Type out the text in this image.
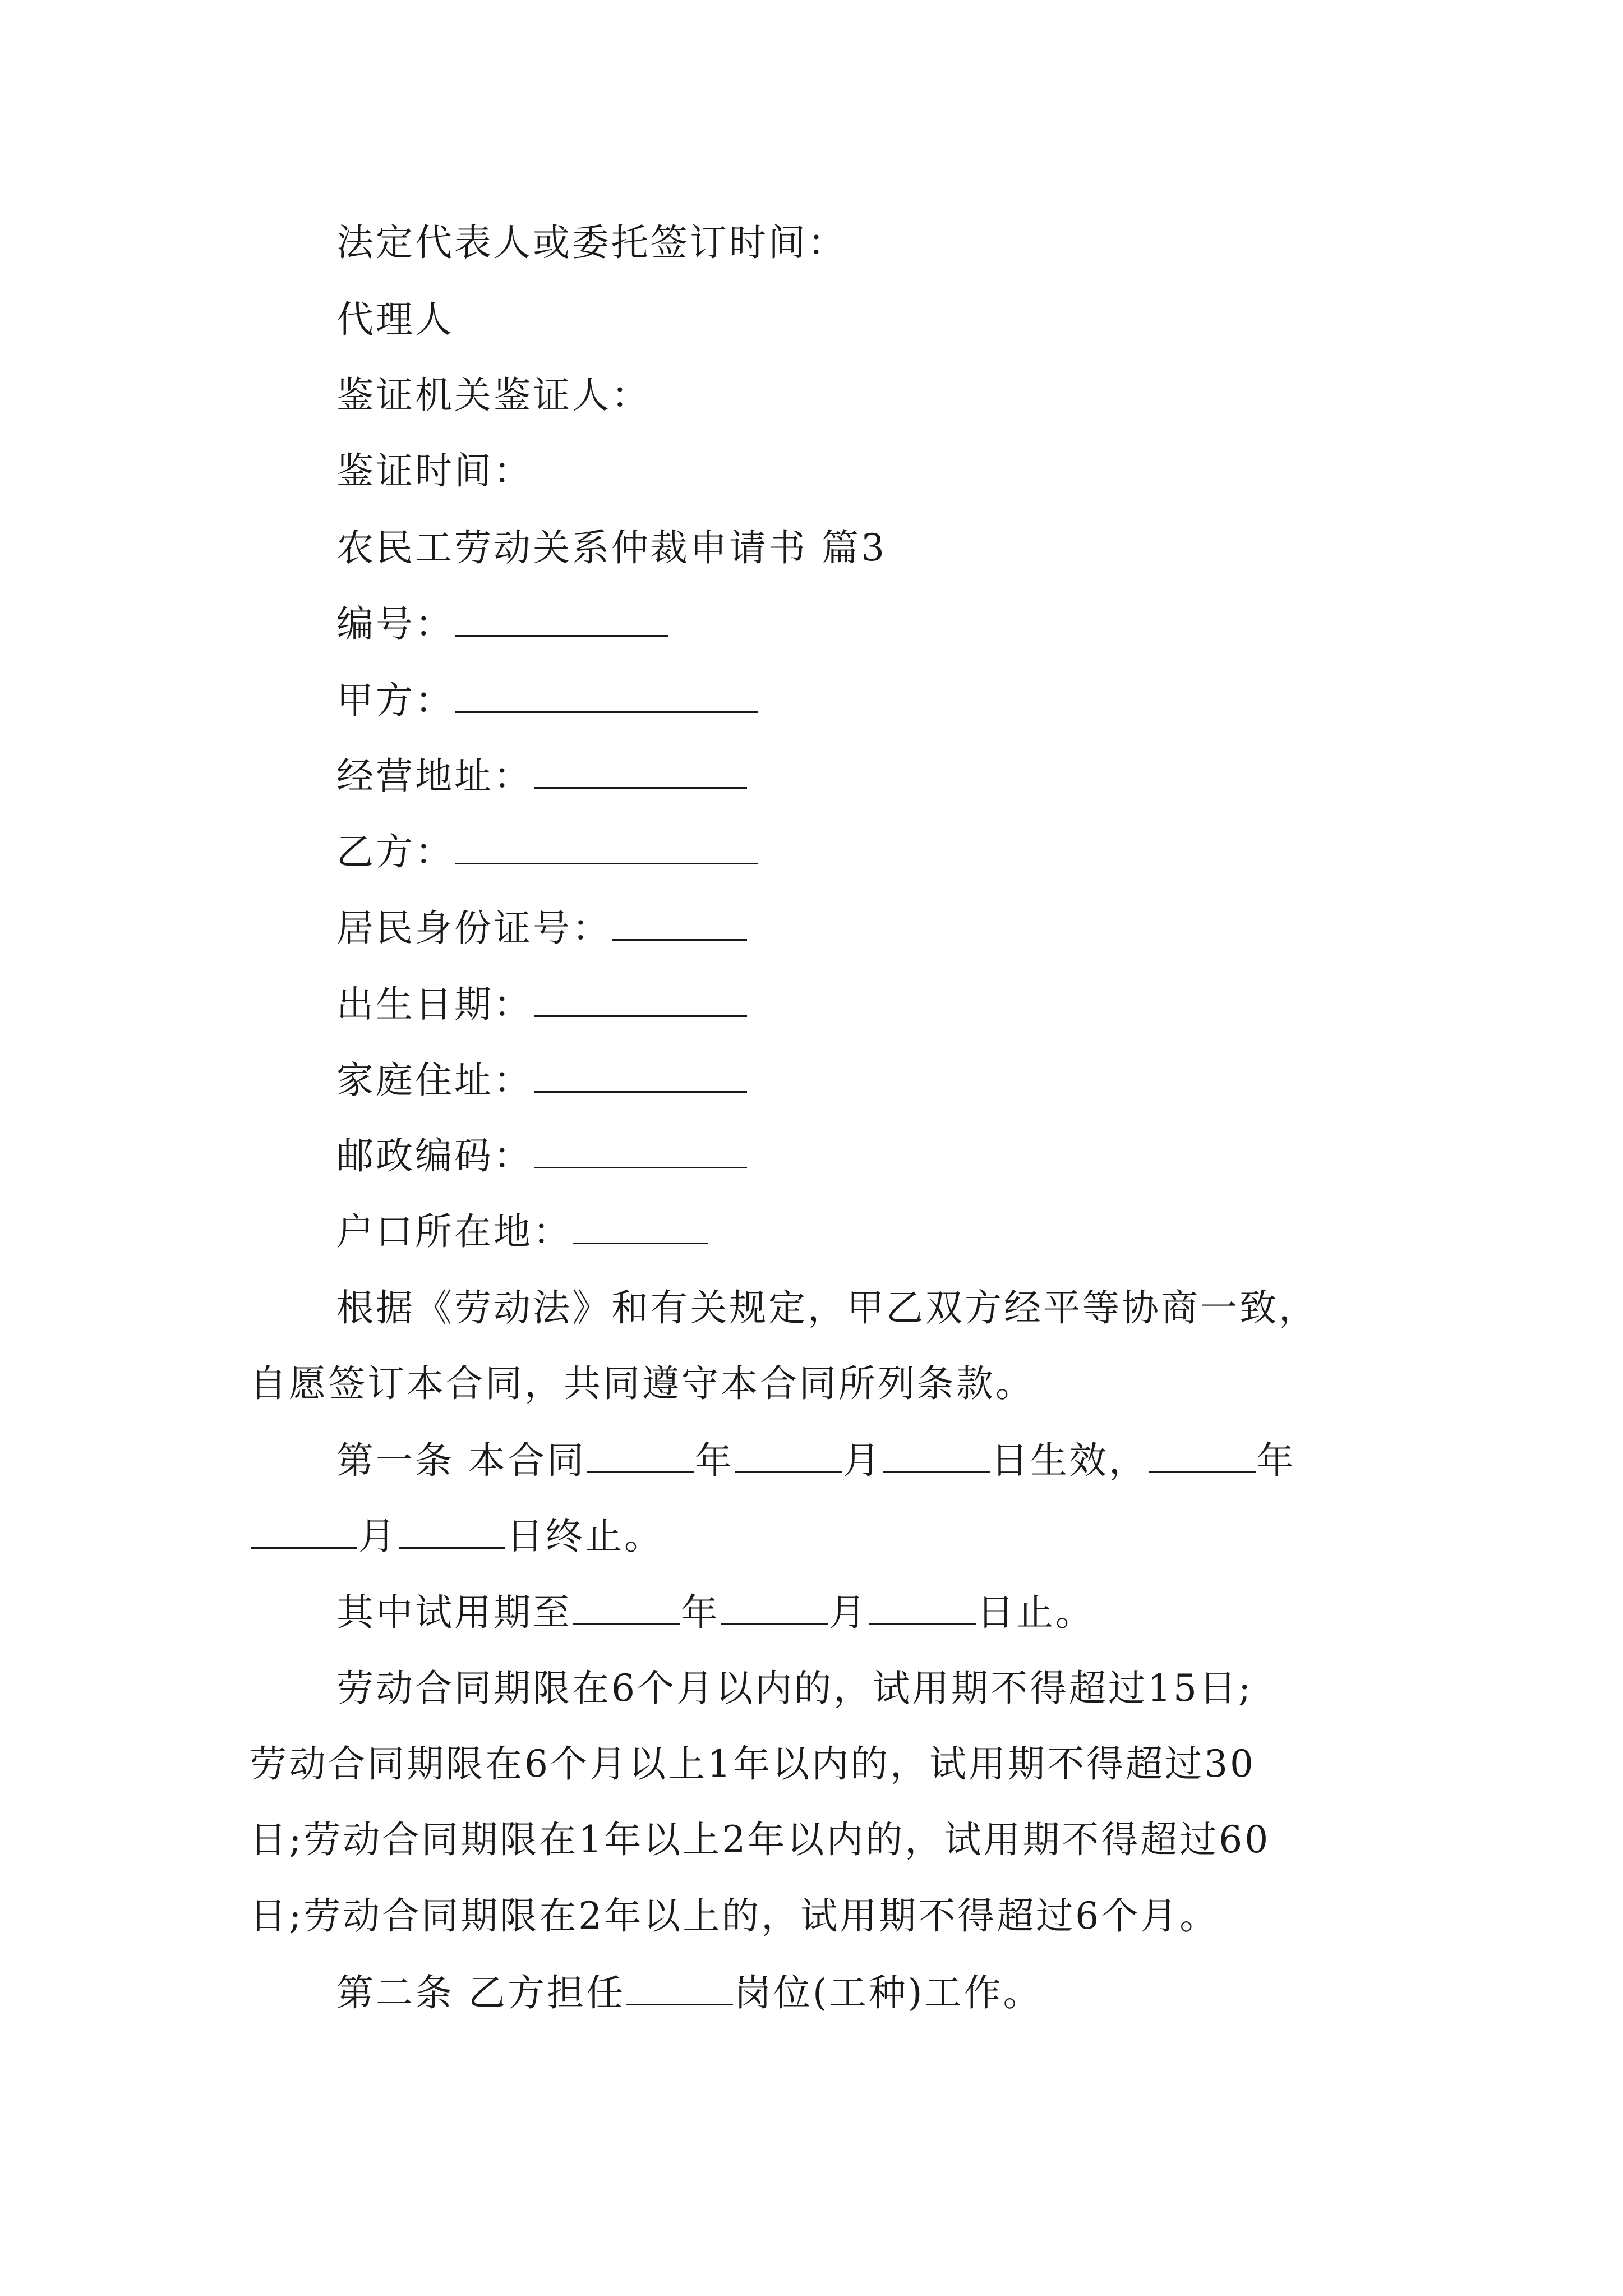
法定代表人或委托签订时间：
代理人
鉴证机关鉴证人：
鉴证时间：
农民工劳动关系仲裁申请书 篇3
编号：
甲方：
经营地址：
乙方：
居民身份证号：
出生日期：
家庭住址：
邮政编码：
户口所在地：
根据《劳动法》和有关规定，甲乙双方经平等协商一致，
自愿签订本合同，共同遵守本合同所列条款。
第一条 本合同	年	月	日生效，	年
月	日终止。
其中试用期至	年	月	日止。
劳动合同期限在6个月以内的，试用期不得超过15日;
劳动合同期限在6个月以上1年以内的，试用期不得超过30
日;劳动合同期限在1年以上2年以内的，试用期不得超过60
日;劳动合同期限在2年以上的，试用期不得超过6个月。
第二条 乙方担任	岗位(工种)工作。
